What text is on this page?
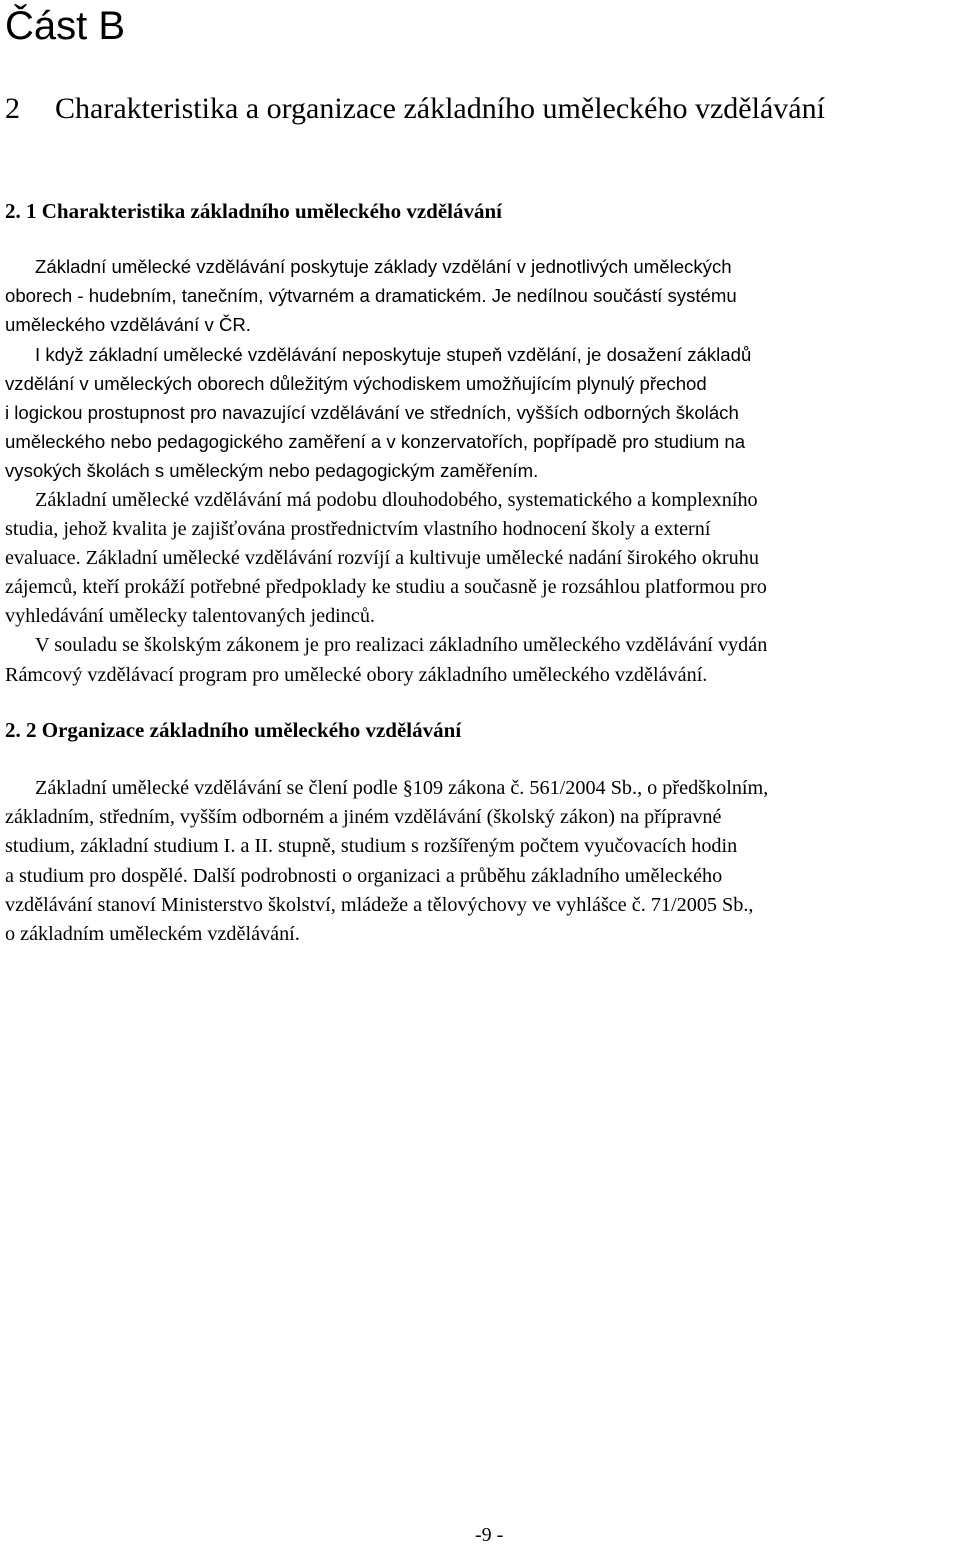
Část B
2	Charakteristika a organizace základního uměleckého vzdělávání
2. 1 Charakteristika základního uměleckého vzdělávání
Základní umělecké vzdělávání poskytuje základy vzdělání v jednotlivých uměleckých
oborech - hudebním, tanečním, výtvarném a dramatickém. Je nedílnou součástí systému
uměleckého vzdělávání v ČR.
I když základní umělecké vzdělávání neposkytuje stupeň vzdělání, je dosažení základů
vzdělání v uměleckých oborech důležitým východiskem umožňujícím plynulý přechod
i logickou prostupnost pro navazující vzdělávání ve středních, vyšších odborných školách
uměleckého nebo pedagogického zaměření a v konzervatořích, popřípadě pro studium na
vysokých školách s uměleckým nebo pedagogickým zaměřením.
Základní umělecké vzdělávání má podobu dlouhodobého, systematického a komplexního
studia, jehož kvalita je zajišťována prostřednictvím vlastního hodnocení školy a externí
evaluace. Základní umělecké vzdělávání rozvíjí a kultivuje umělecké nadání širokého okruhu
zájemců, kteří prokáží potřebné předpoklady ke studiu a současně je rozsáhlou platformou pro
vyhledávání umělecky talentovaných jedinců.
V souladu se školským zákonem je pro realizaci základního uměleckého vzdělávání vydán
Rámcový vzdělávací program pro umělecké obory základního uměleckého vzdělávání.
2. 2 Organizace základního uměleckého vzdělávání
Základní umělecké vzdělávání se člení podle §109 zákona č. 561/2004 Sb., o předškolním,
základním, středním, vyšším odborném a jiném vzdělávání (školský zákon) na přípravné
studium, základní studium I. a II. stupně, studium s rozšířeným počtem vyučovacích hodin
a studium pro dospělé. Další podrobnosti o organizaci a průběhu základního uměleckého
vzdělávání stanoví Ministerstvo školství, mládeže a tělovýchovy ve vyhlášce č. 71/2005 Sb.,
o základním uměleckém vzdělávání.
-9 -
